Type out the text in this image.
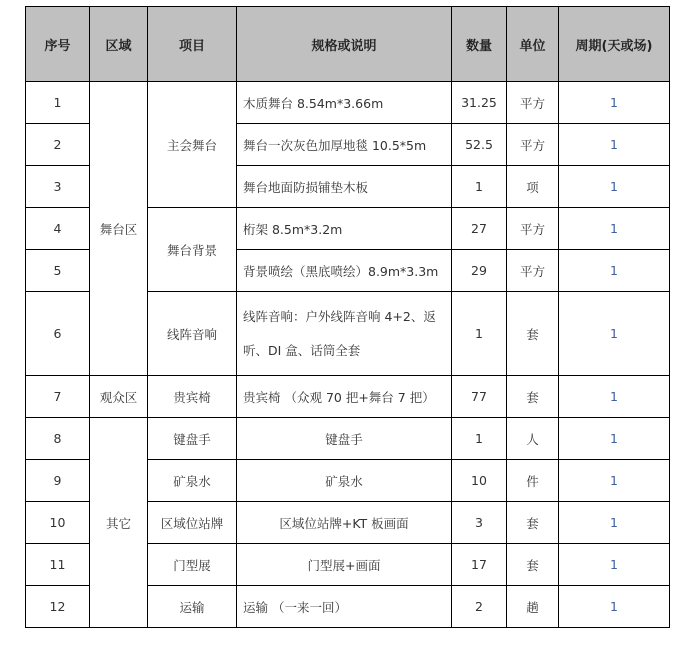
序号	区域	项目	规格或说明	数量	单位	周期(天或场)
1	舞台区	主会舞台	木质舞台 8.54m*3.66m	31.25	平方	1
2			舞台一次灰色加厚地毯 10.5*5m	52.5	平方	1
3			舞台地面防损铺垫木板	1	项	1
4		舞台背景	桁架 8.5m*3.2m	27	平方	1
5			背景喷绘（黑底喷绘）8.9m*3.3m	29	平方	1
6		线阵音响	线阵音响：户外线阵音响 4+2、返听、DI 盒、话筒全套	1	套	1
7	观众区	贵宾椅	贵宾椅 （众观 70 把+舞台 7 把）	77	套	1
8	其它	键盘手	键盘手	1	人	1
9		矿泉水	矿泉水	10	件	1
10		区域位站牌	区域位站牌+KT 板画面	3	套	1
11		门型展	门型展+画面	17	套	1
12		运输	运输 （一来一回）	2	趟	1
